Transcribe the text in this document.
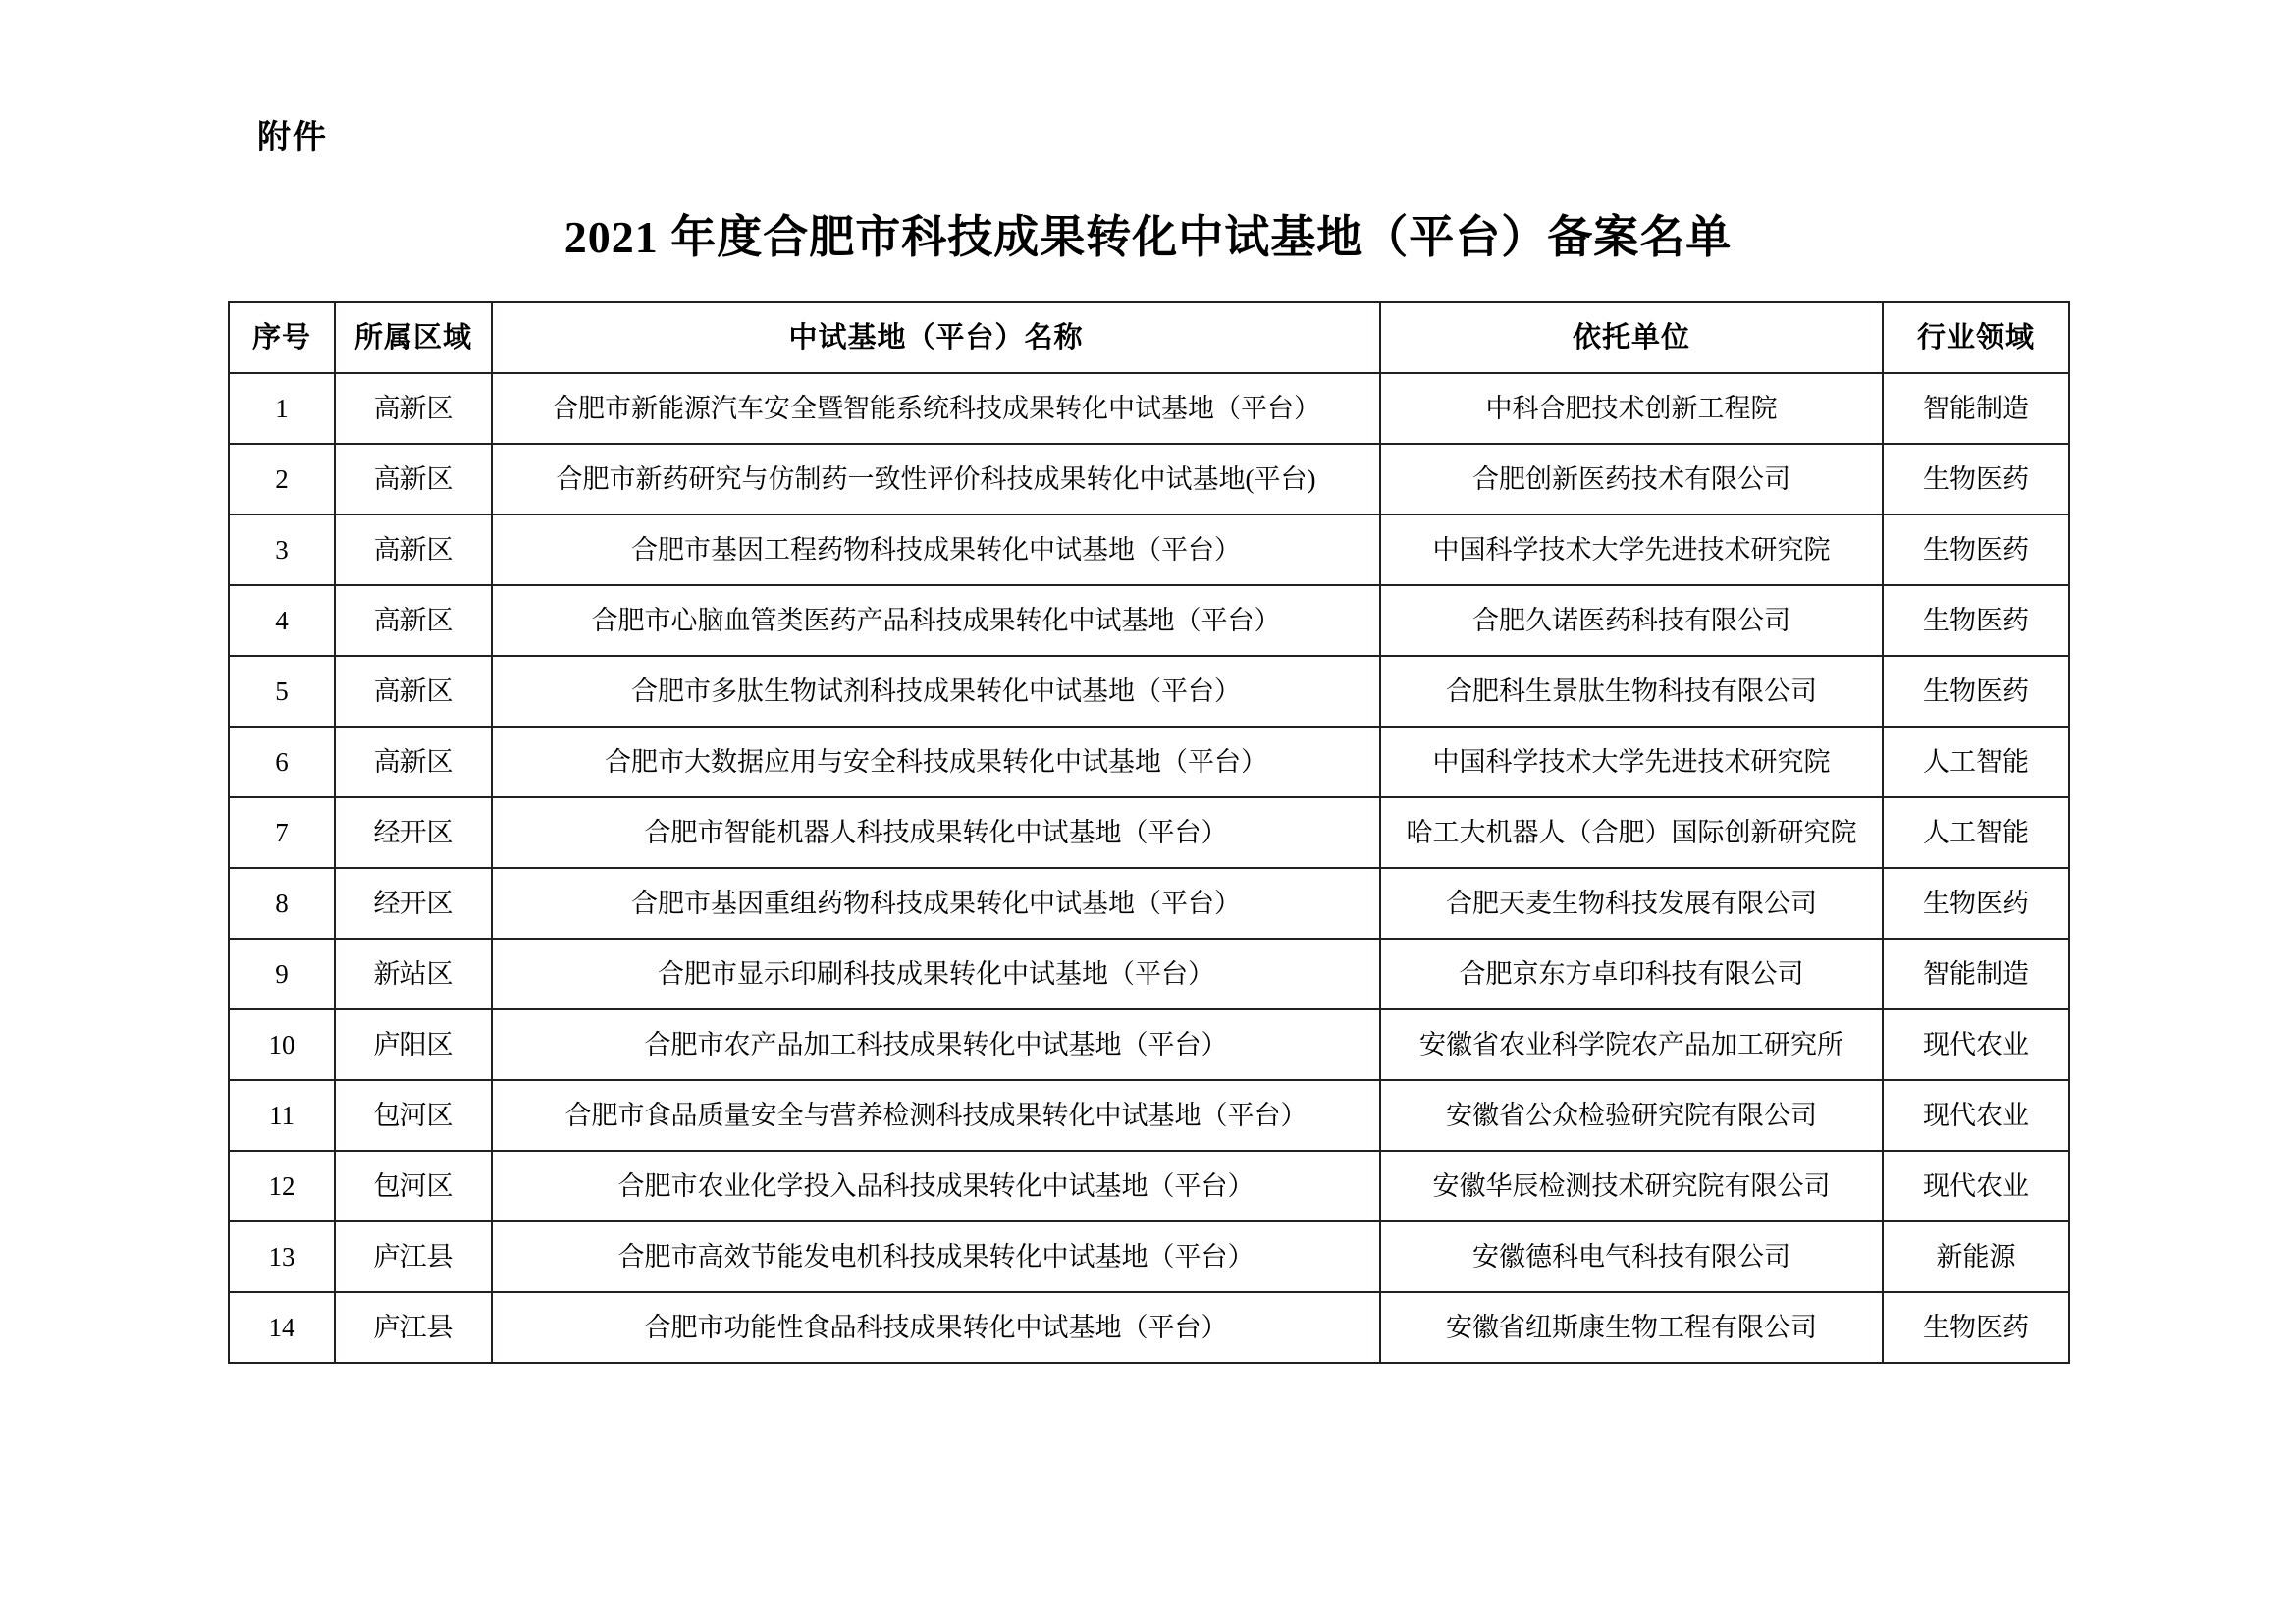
附件
2021 年度合肥市科技成果转化中试基地（平台）备案名单
序号	所属区域	中试基地（平台）名称	依托单位	行业领域
1	高新区	合肥市新能源汽车安全暨智能系统科技成果转化中试基地（平台）	中科合肥技术创新工程院	智能制造
2	高新区	合肥市新药研究与仿制药一致性评价科技成果转化中试基地(平台)	合肥创新医药技术有限公司	生物医药
3	高新区	合肥市基因工程药物科技成果转化中试基地（平台）	中国科学技术大学先进技术研究院	生物医药
4	高新区	合肥市心脑血管类医药产品科技成果转化中试基地（平台）	合肥久诺医药科技有限公司	生物医药
5	高新区	合肥市多肽生物试剂科技成果转化中试基地（平台）	合肥科生景肽生物科技有限公司	生物医药
6	高新区	合肥市大数据应用与安全科技成果转化中试基地（平台）	中国科学技术大学先进技术研究院	人工智能
7	经开区	合肥市智能机器人科技成果转化中试基地（平台）	哈工大机器人（合肥）国际创新研究院	人工智能
8	经开区	合肥市基因重组药物科技成果转化中试基地（平台）	合肥天麦生物科技发展有限公司	生物医药
9	新站区	合肥市显示印刷科技成果转化中试基地（平台）	合肥京东方卓印科技有限公司	智能制造
10	庐阳区	合肥市农产品加工科技成果转化中试基地（平台）	安徽省农业科学院农产品加工研究所	现代农业
11	包河区	合肥市食品质量安全与营养检测科技成果转化中试基地（平台）	安徽省公众检验研究院有限公司	现代农业
12	包河区	合肥市农业化学投入品科技成果转化中试基地（平台）	安徽华辰检测技术研究院有限公司	现代农业
13	庐江县	合肥市高效节能发电机科技成果转化中试基地（平台）	安徽德科电气科技有限公司	新能源
14	庐江县	合肥市功能性食品科技成果转化中试基地（平台）	安徽省纽斯康生物工程有限公司	生物医药
